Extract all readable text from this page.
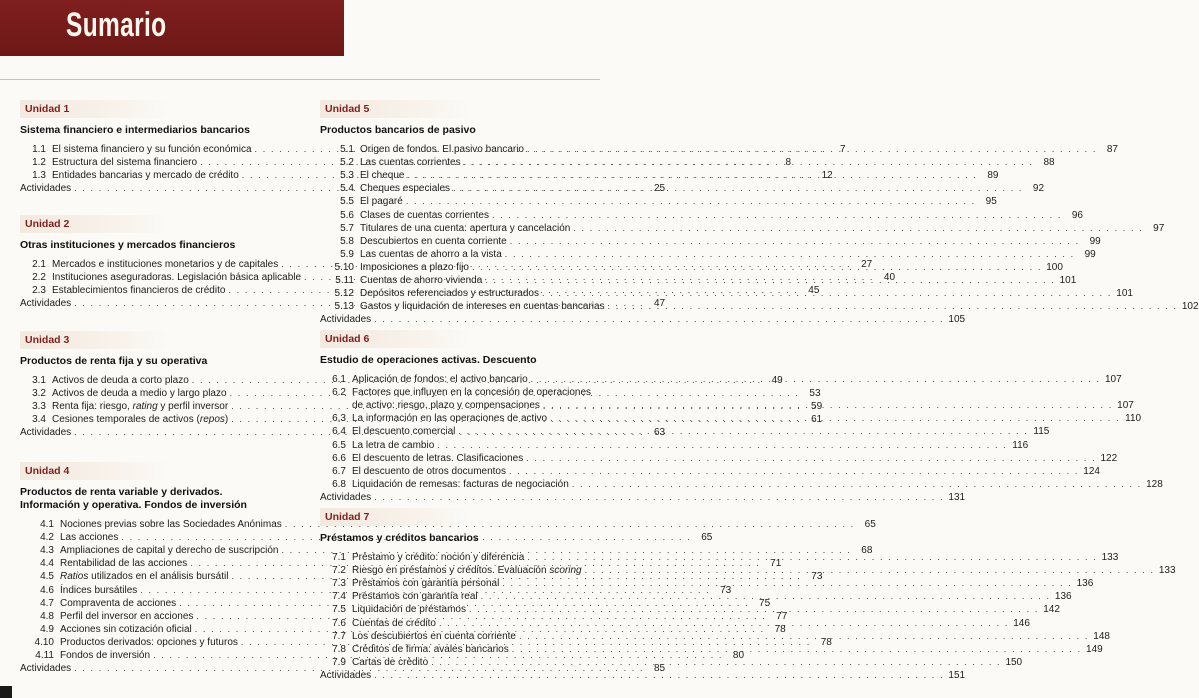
Sumario
Unidad 1
Sistema financiero e intermediarios bancarios
1.1 El sistema financiero y su función económica . . .	7
1.2 Estructura del sistema financiero . . .	8
1.3 Entidades bancarias y mercado de crédito . . .	12
Actividades . . .	25
Unidad 2
Otras instituciones y mercados financieros
2.1 Mercados e instituciones monetarios y de capitales . . .	27
2.2 Instituciones aseguradoras. Legislación básica aplicable . . .	40
2.3 Establecimientos financieros de crédito . . .	45
Actividades . . .	47
Unidad 3
Productos de renta fija y su operativa
3.1 Activos de deuda a corto plazo . . .	49
3.2 Activos de deuda a medio y largo plazo . . .	53
3.3 Renta fija: riesgo, rating y perfil inversor . . .	59
3.4 Cesiones temporales de activos (repos) . . .	61
Actividades . . .	63
Unidad 4
Productos de renta variable y derivados.
Información y operativa. Fondos de inversión
4.1 Nociones previas sobre las Sociedades Anónimas . . .	65
4.2 Las acciones . . .	65
4.3 Ampliaciones de capital y derecho de suscripción . . .	68
4.4 Rentabilidad de las acciones . . .	71
4.5 Ratios utilizados en el análisis bursátil . . .	73
4.6 Índices bursátiles . . .	73
4.7 Compraventa de acciones . . .	75
4.8 Perfil del inversor en acciones . . .	77
4.9 Acciones sin cotización oficial . . .	78
4.10 Productos derivados: opciones y futuros . . .	78
4.11 Fondos de inversión . . .	80
Actividades . . .	85
Unidad 5
Productos bancarios de pasivo
5.1 Origen de fondos. El pasivo bancario . . .	87
5.2 Las cuentas corrientes . . .	88
5.3 El cheque . . .	89
5.4 Cheques especiales . . .	92
5.5 El pagaré . . .	95
5.6 Clases de cuentas corrientes . . .	96
5.7 Titulares de una cuenta: apertura y cancelación . . .	97
5.8 Descubiertos en cuenta corriente . . .	99
5.9 Las cuentas de ahorro a la vista . . .	99
5.10 Imposiciones a plazo fijo . . .	100
5.11 Cuentas de ahorro vivienda . . .	101
5.12 Depósitos referenciados y estructurados . . .	101
5.13 Gastos y liquidación de intereses en cuentas bancarias . . .	102
Actividades . . .	105
Unidad 6
Estudio de operaciones activas. Descuento
6.1 Aplicación de fondos: el activo bancario . . .	107
6.2 Factores que influyen en la concesión de operaciones
de activo: riesgo, plazo y compensaciones . . .	107
6.3 La información en las operaciones de activo . . .	110
6.4 El descuento comercial . . .	115
6.5 La letra de cambio . . .	116
6.6 El descuento de letras. Clasificaciones . . .	122
6.7 El descuento de otros documentos . . .	124
6.8 Liquidación de remesas: facturas de negociación . . .	128
Actividades . . .	131
Unidad 7
Préstamos y créditos bancarios
7.1 Préstamo y crédito: noción y diferencia . . .	133
7.2 Riesgo en préstamos y créditos. Evaluación scoring . . .	133
7.3 Préstamos con garantía personal . . .	136
7.4 Préstamos con garantía real . . .	136
7.5 Liquidación de préstamos . . .	142
7.6 Cuentas de crédito . . .	146
7.7 Los descubiertos en cuenta corriente . . .	148
7.8 Créditos de firma: avales bancarios . . .	149
7.9 Cartas de crédito . . .	150
Actividades . . .	151
